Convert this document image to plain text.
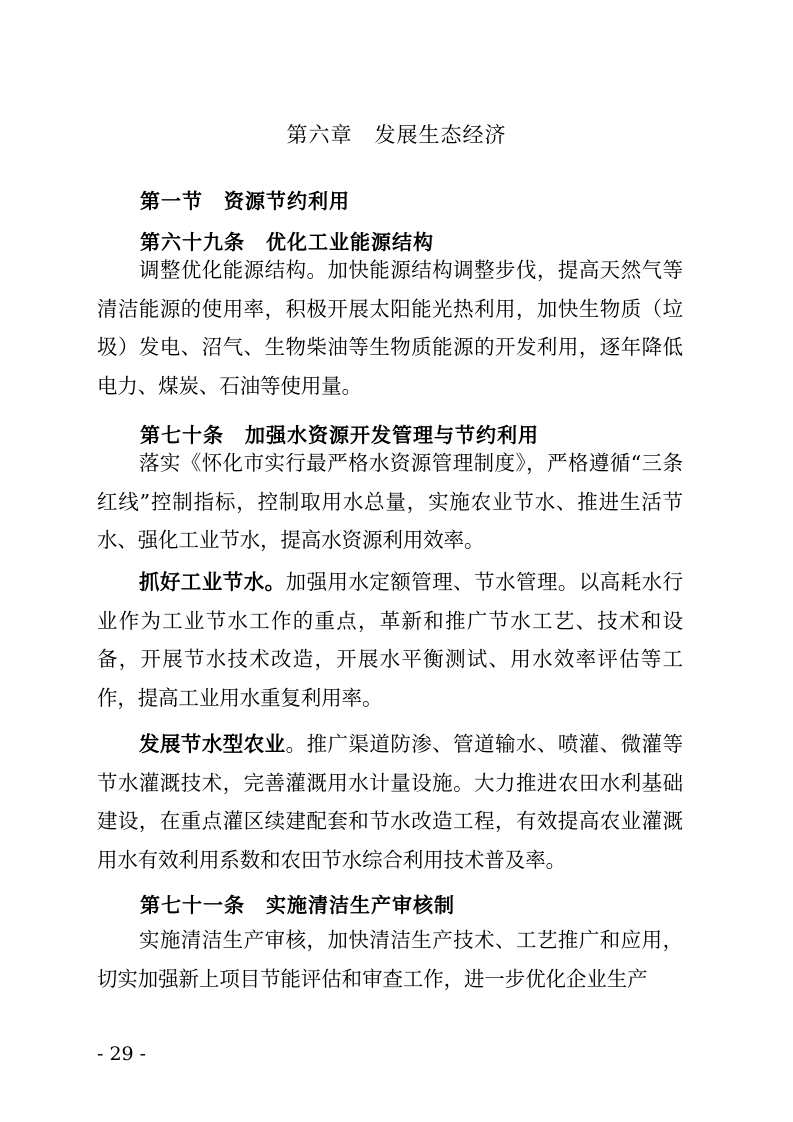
第六章　发展生态经济
第一节　资源节约利用
第六十九条　优化工业能源结构

调整优化能源结构。加快能源结构调整步伐，提高天然气等清洁能源的使用率，积极开展太阳能光热利用，加快生物质（垃圾）发电、沼气、生物柴油等生物质能源的开发利用，逐年降低电力、煤炭、石油等使用量。

第七十条　加强水资源开发管理与节约利用

落实《怀化市实行最严格水资源管理制度》，严格遵循“三条红线”控制指标，控制取用水总量，实施农业节水、推进生活节水、强化工业节水，提高水资源利用效率。

抓好工业节水。加强用水定额管理、节水管理。以高耗水行业作为工业节水工作的重点，革新和推广节水工艺、技术和设备，开展节水技术改造，开展水平衡测试、用水效率评估等工作，提高工业用水重复利用率。

发展节水型农业。推广渠道防渗、管道输水、喷灌、微灌等节水灌溉技术，完善灌溉用水计量设施。大力推进农田水利基础建设，在重点灌区续建配套和节水改造工程，有效提高农业灌溉用水有效利用系数和农田节水综合利用技术普及率。

第七十一条　实施清洁生产审核制

实施清洁生产审核，加快清洁生产技术、工艺推广和应用，切实加强新上项目节能评估和审查工作，进一步优化企业生产

- 29 -
